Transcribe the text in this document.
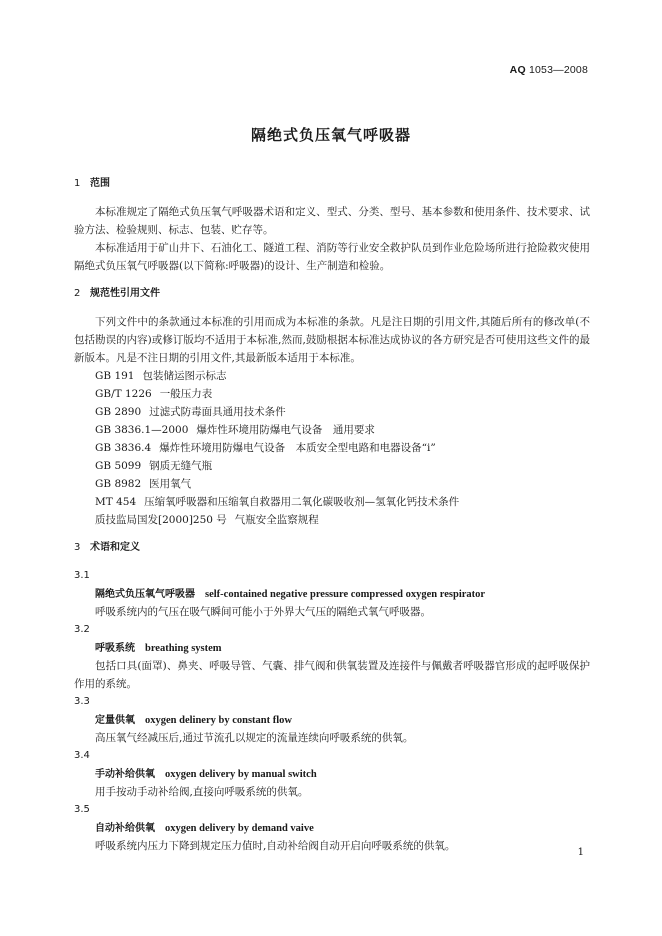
AQ 1053—2008
隔绝式负压氧气呼吸器
1 范围

本标准规定了隔绝式负压氧气呼吸器术语和定义、型式、分类、型号、基本参数和使用条件、技术要求、试验方法、检验规则、标志、包装、贮存等。

本标准适用于矿山井下、石油化工、隧道工程、消防等行业安全救护队员到作业危险场所进行抢险救灾使用隔绝式负压氧气呼吸器(以下简称:呼吸器)的设计、生产制造和检验。

2 规范性引用文件

下列文件中的条款通过本标准的引用而成为本标准的条款。凡是注日期的引用文件,其随后所有的修改单(不包括勘误的内容)或修订版均不适用于本标准,然而,鼓励根据本标准达成协议的各方研究是否可使用这些文件的最新版本。凡是不注日期的引用文件,其最新版本适用于本标准。

GB 191 包装储运图示标志
GB/T 1226 一般压力表
GB 2890 过滤式防毒面具通用技术条件
GB 3836.1—2000 爆炸性环境用防爆电气设备　通用要求
GB 3836.4 爆炸性环境用防爆电气设备　本质安全型电路和电器设备“i”
GB 5099 钢质无缝气瓶
GB 8982 医用氧气
MT 454 压缩氧呼吸器和压缩氧自救器用二氧化碳吸收剂—氢氧化钙技术条件
质技监局国发[2000]250 号 气瓶安全监察规程
3 术语和定义
3.1
隔绝式负压氧气呼吸器 self-contained negative pressure compressed oxygen respirator

呼吸系统内的气压在吸气瞬间可能小于外界大气压的隔绝式氧气呼吸器。

3.2
呼吸系统 breathing system

包括口具(面罩)、鼻夹、呼吸导管、气囊、排气阀和供氧装置及连接件与佩戴者呼吸器官形成的起呼吸保护作用的系统。

3.3
定量供氧 oxygen delinery by constant flow

高压氧气经减压后,通过节流孔以规定的流量连续向呼吸系统的供氧。

3.4
手动补给供氧 oxygen delivery by manual switch

用手按动手动补给阀,直接向呼吸系统的供氧。

3.5
自动补给供氧 oxygen delivery by demand vaive

呼吸系统内压力下降到规定压力值时,自动补给阀自动开启向呼吸系统的供氧。

1
